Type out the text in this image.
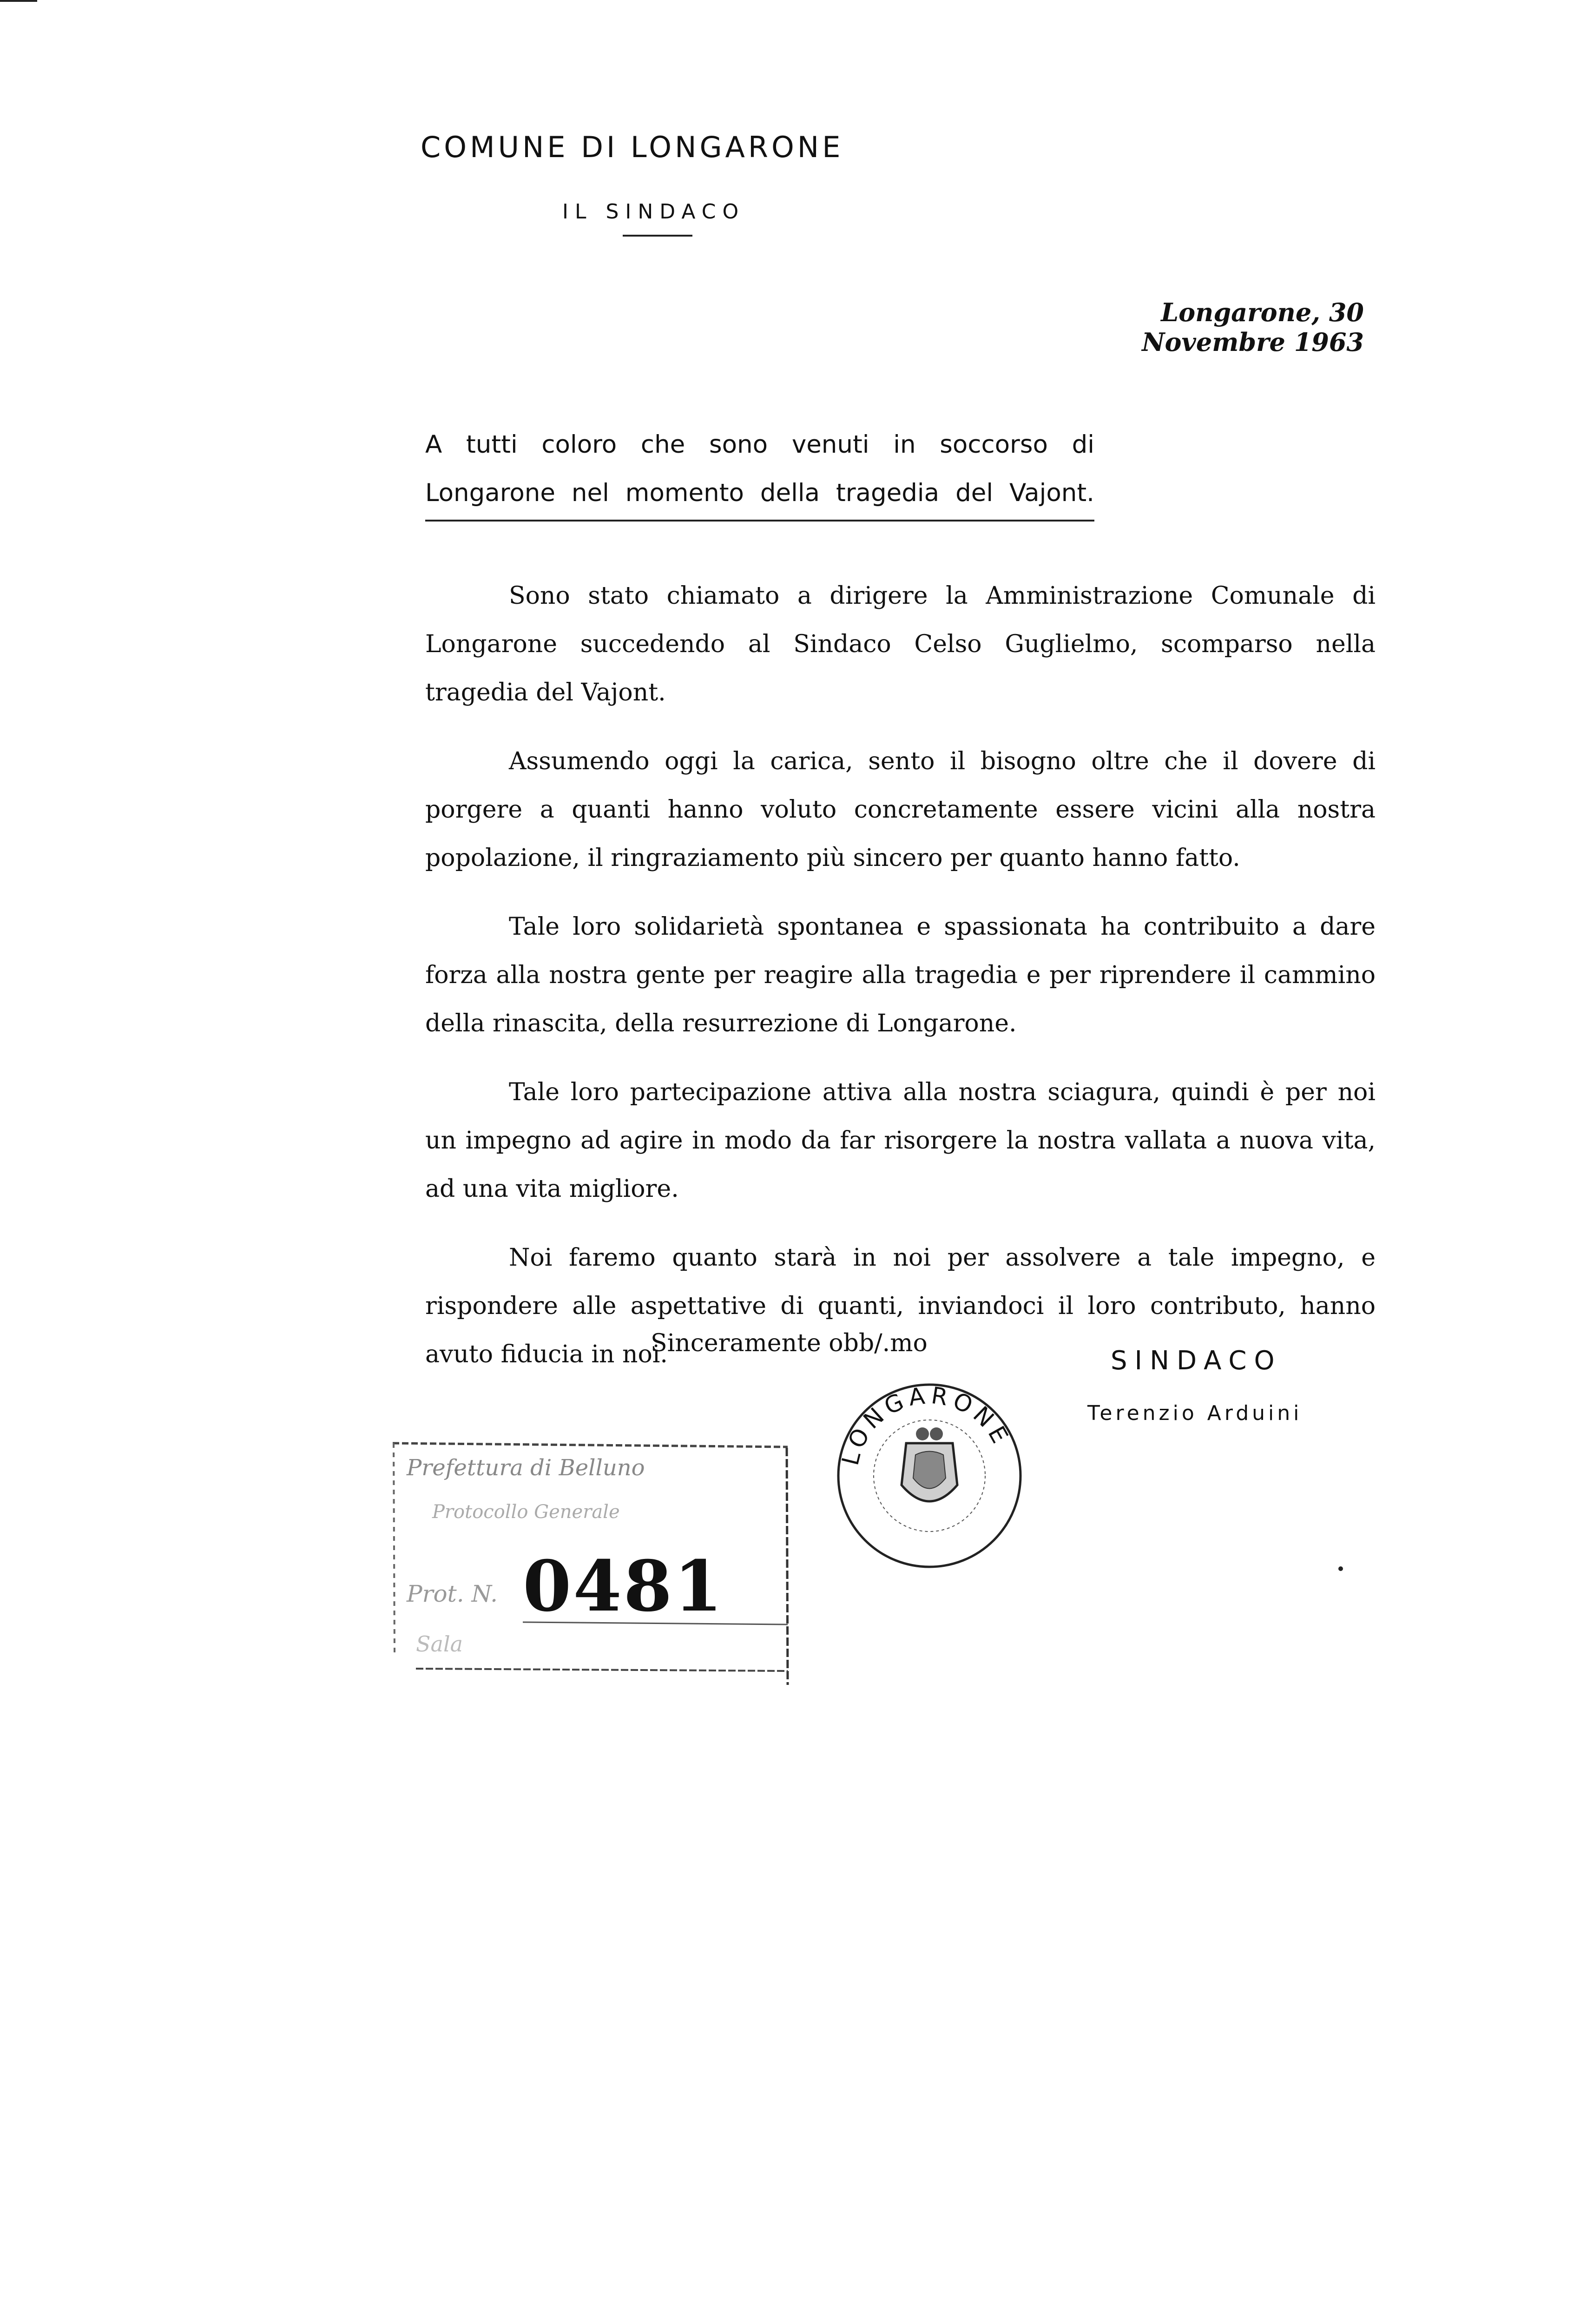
COMUNE DI LONGARONE
IL SINDACO
Longarone, 30 Novembre 1963
A tutti coloro che sono venuti in soccorso di Longarone nel momento della tragedia del Vajont.

Sono stato chiamato a dirigere la Amministrazione Comunale di Longarone succedendo al Sindaco Celso Guglielmo, scomparso nella tragedia del Vajont.

Assumendo oggi la carica, sento il bisogno oltre che il dovere di porgere a quanti hanno voluto concretamente essere vicini alla nostra popolazione, il ringraziamento più sincero per quanto hanno fatto.

Tale loro solidarietà spontanea e spassionata ha contribuito a dare forza alla nostra gente per reagire alla tragedia e per riprendere il cammino della rinascita, della resurrezione di Longarone.

Tale loro partecipazione attiva alla nostra sciagura, quindi è per noi un impegno ad agire in modo da far risorgere la nostra vallata a nuova vita, ad una vita migliore.

Noi faremo quanto starà in noi per assolvere a tale impegno, e rispondere alle aspettative di quanti, inviandoci il loro contributo, hanno avuto fiducia in noi.

Sinceramente obb/.mo
SINDACO
Terenzio Arduini
Prefettura di Belluno
Protocollo Generale
Prot. N. 0481
Sala
LONGARONE
